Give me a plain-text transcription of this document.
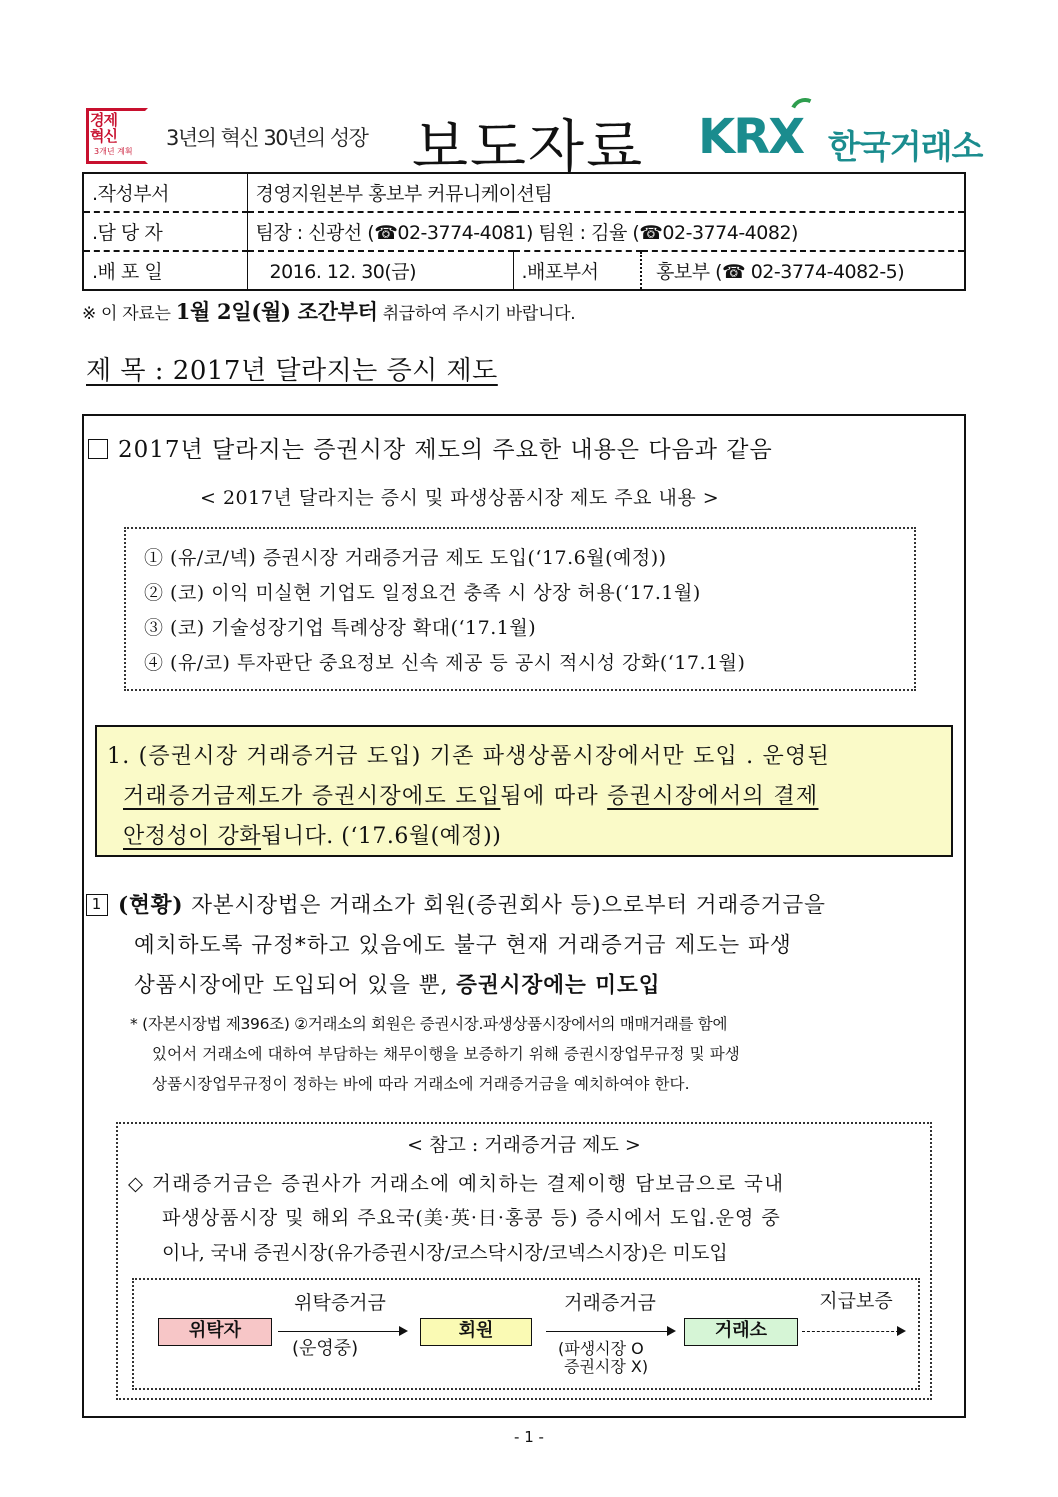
경제
혁신
3개년 계획
3년의 혁신 30년의 성장 보도자료 KRX 한국거래소
.작성부서	경영지원본부 홍보부 커뮤니케이션팀		
.담 당 자	팀장 : 신광선 (☎02-3774-4081) 팀원 : 김율 (☎02-3774-4082)		
.배 포 일	2016. 12. 30(금)	.배포부서	홍보부 (☎ 02-3774-4082-5)
※ 이 자료는 1월 2일(월) 조간부터 취급하여 주시기 바랍니다.
제 목 : 2017년 달라지는 증시 제도
2017년 달라지는 증권시장 제도의 주요한 내용은 다음과 같음
< 2017년 달라지는 증시 및 파생상품시장 제도 주요 내용 >
① (유/코/넥) 증권시장 거래증거금 제도 도입(‘17.6월(예정))
② (코) 이익 미실현 기업도 일정요건 충족 시 상장 허용(‘17.1월)
③ (코) 기술성장기업 특례상장 확대(‘17.1월)
④ (유/코) 투자판단 중요정보 신속 제공 등 공시 적시성 강화(‘17.1월)
1. (증권시장 거래증거금 도입) 기존 파생상품시장에서만 도입 . 운영된
거래증거금제도가 증권시장에도 도입됨에 따라 증권시장에서의 결제
안정성이 강화됩니다. (‘17.6월(예정))
1 (현황) 자본시장법은 거래소가 회원(증권회사 등)으로부터 거래증거금을
예치하도록 규정*하고 있음에도 불구 현재 거래증거금 제도는 파생
상품시장에만 도입되어 있을 뿐, 증권시장에는 미도입
* (자본시장법 제396조) ②거래소의 회원은 증권시장.파생상품시장에서의 매매거래를 함에
있어서 거래소에 대하여 부담하는 채무이행을 보증하기 위해 증권시장업무규정 및 파생
상품시장업무규정이 정하는 바에 따라 거래소에 거래증거금을 예치하여야 한다.
< 참고 : 거래증거금 제도 >
◇ 거래증거금은 증권사가 거래소에 예치하는 결제이행 담보금으로 국내
파생상품시장 및 해외 주요국(美·英·日·홍콩 등) 증시에서 도입.운영 중
이나, 국내 증권시장(유가증권시장/코스닥시장/코넥스시장)은 미도입
위탁자
위탁증거금
(운영중)
회원
거래증거금
(파생시장 O
증권시장 X)
거래소
지급보증
- 1 -
